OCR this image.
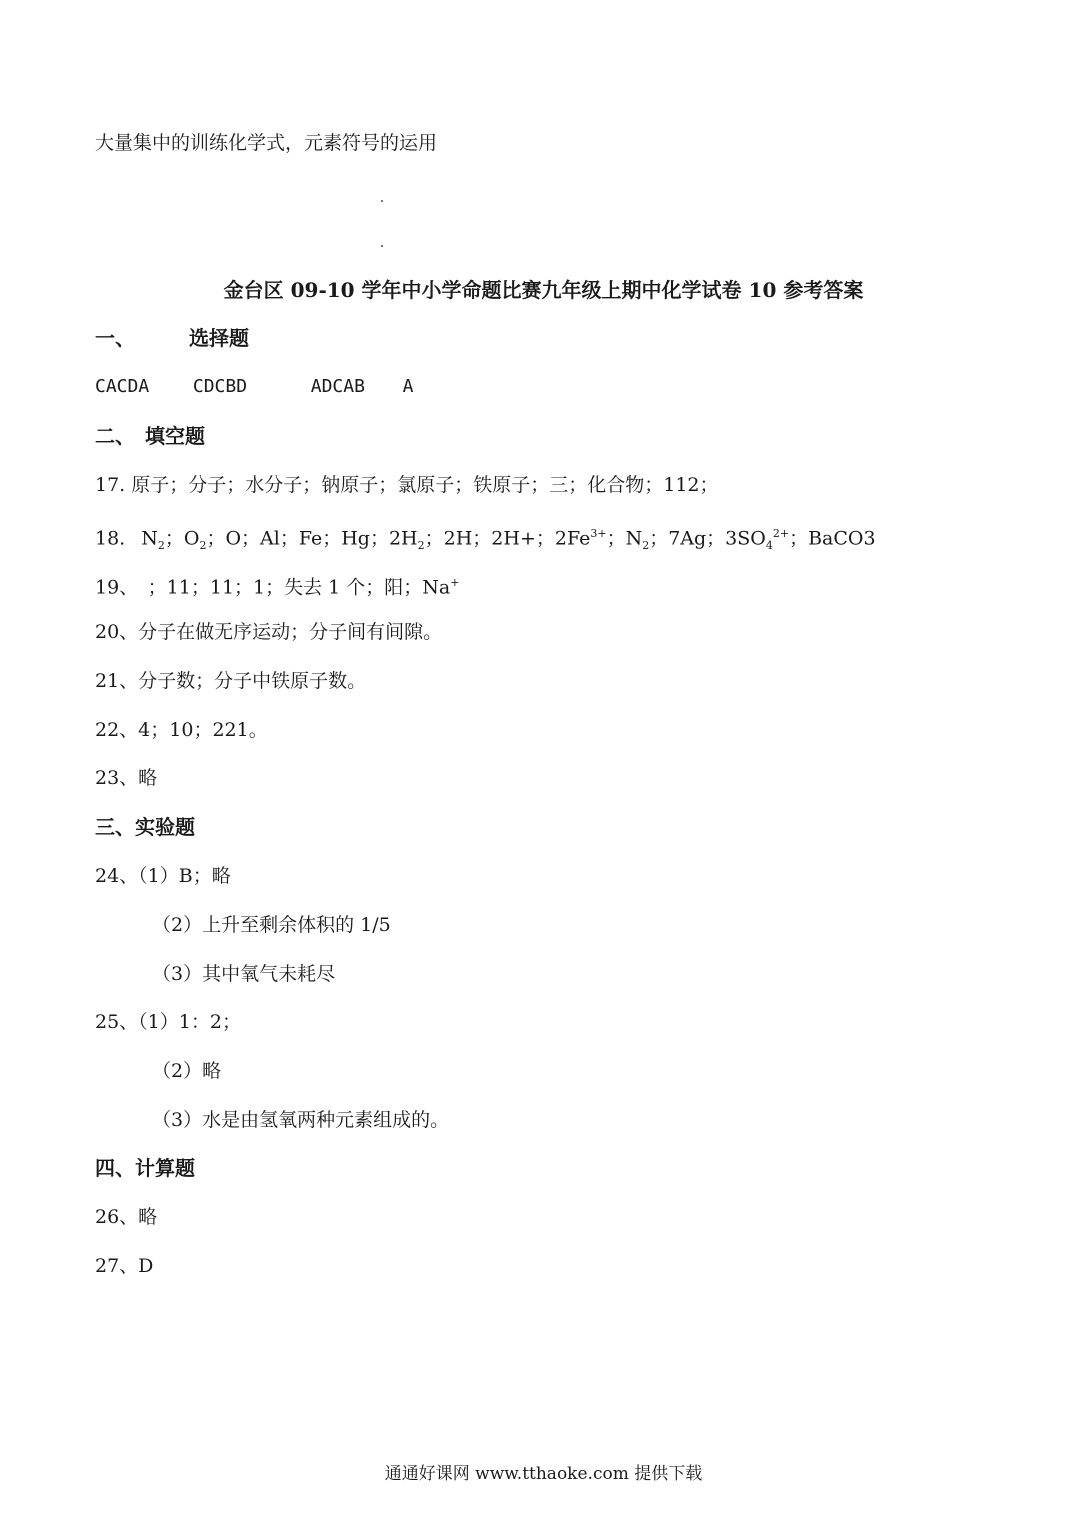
大量集中的训练化学式，元素符号的运用
金台区 09-10 学年中小学命题比赛九年级上期中化学试卷 10 参考答案
一、	选择题
CACDA CDCBD	ADCAB A
二、 填空题
17. 原子；分子；水分子；钠原子；氯原子；铁原子；三；化合物；112；
18. $N_2$；$O_2$；O；Al；Fe；Hg；$2H_2$；2H；2H+；$2Fe^{3+}$；$N_2$；7Ag；$3SO_4^{2+}$；BaCO3
19、　；11；11；1；失去 1 个；阳；Na+
20、分子在做无序运动；分子间有间隙。
21、分子数；分子中铁原子数。
22、4；10；221。
23、略
三、实验题
24、（1）B；略
（2）上升至剩余体积的 1/5
（3）其中氧气未耗尽
25、（1）1：2；
（2）略
（3）水是由氢氧两种元素组成的。
四、计算题
26、略
27、D
通通好课网 www.tthaoke.com 提供下载
